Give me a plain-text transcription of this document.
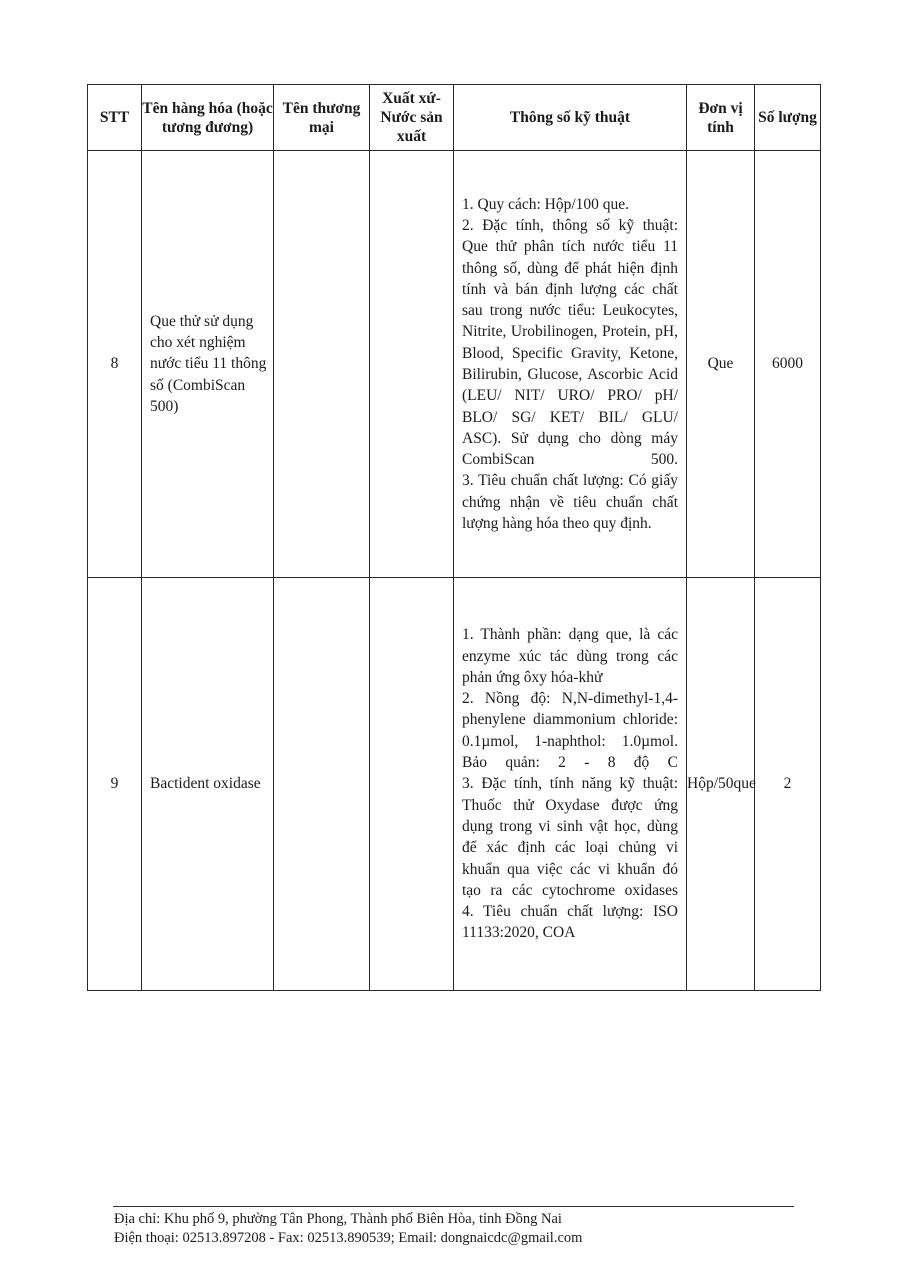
STT	Tên hàng hóa (hoặc tương đương)	Tên thương mại	Xuất xứ- Nước sản xuất	Thông số kỹ thuật	Đơn vị tính	Số lượng
8	Que thử sử dụng cho xét nghiệm nước tiểu 11 thông số (CombiScan 500)			1. Quy cách: Hộp/100 que.
2. Đặc tính, thông số kỹ thuật: Que thử phân tích nước tiểu 11 thông số, dùng để phát hiện định tính và bán định lượng các chất sau trong nước tiểu: Leukocytes, Nitrite, Urobilinogen, Protein, pH, Blood, Specific Gravity, Ketone, Bilirubin, Glucose, Ascorbic Acid (LEU/ NIT/ URO/ PRO/ pH/ BLO/ SG/ KET/ BIL/ GLU/ ASC). Sử dụng cho dòng máy CombiScan 500.
3. Tiêu chuẩn chất lượng: Có giấy chứng nhận về tiêu chuẩn chất lượng hàng hóa theo quy định.	Que	6000
9	Bactident oxidase			1. Thành phần: dạng que, là các enzyme xúc tác dùng trong các phản ứng ôxy hóa-khử
2. Nồng độ: N,N-dimethyl-1,4-phenylene diammonium chloride: 0.1µmol, 1-naphthol: 1.0µmol. Bảo quản: 2 - 8 độ C
3. Đặc tính, tính năng kỹ thuật: Thuốc thử Oxydase được ứng dụng trong vi sinh vật học, dùng để xác định các loại chủng vi khuẩn qua việc các vi khuẩn đó tạo ra các cytochrome oxidases
4. Tiêu chuẩn chất lượng: ISO 11133:2020, COA	Hộp/50que	2
Địa chỉ: Khu phố 9, phường Tân Phong, Thành phố Biên Hòa, tỉnh Đồng Nai
Điện thoại: 02513.897208 - Fax: 02513.890539; Email: dongnaicdc@gmail.com
